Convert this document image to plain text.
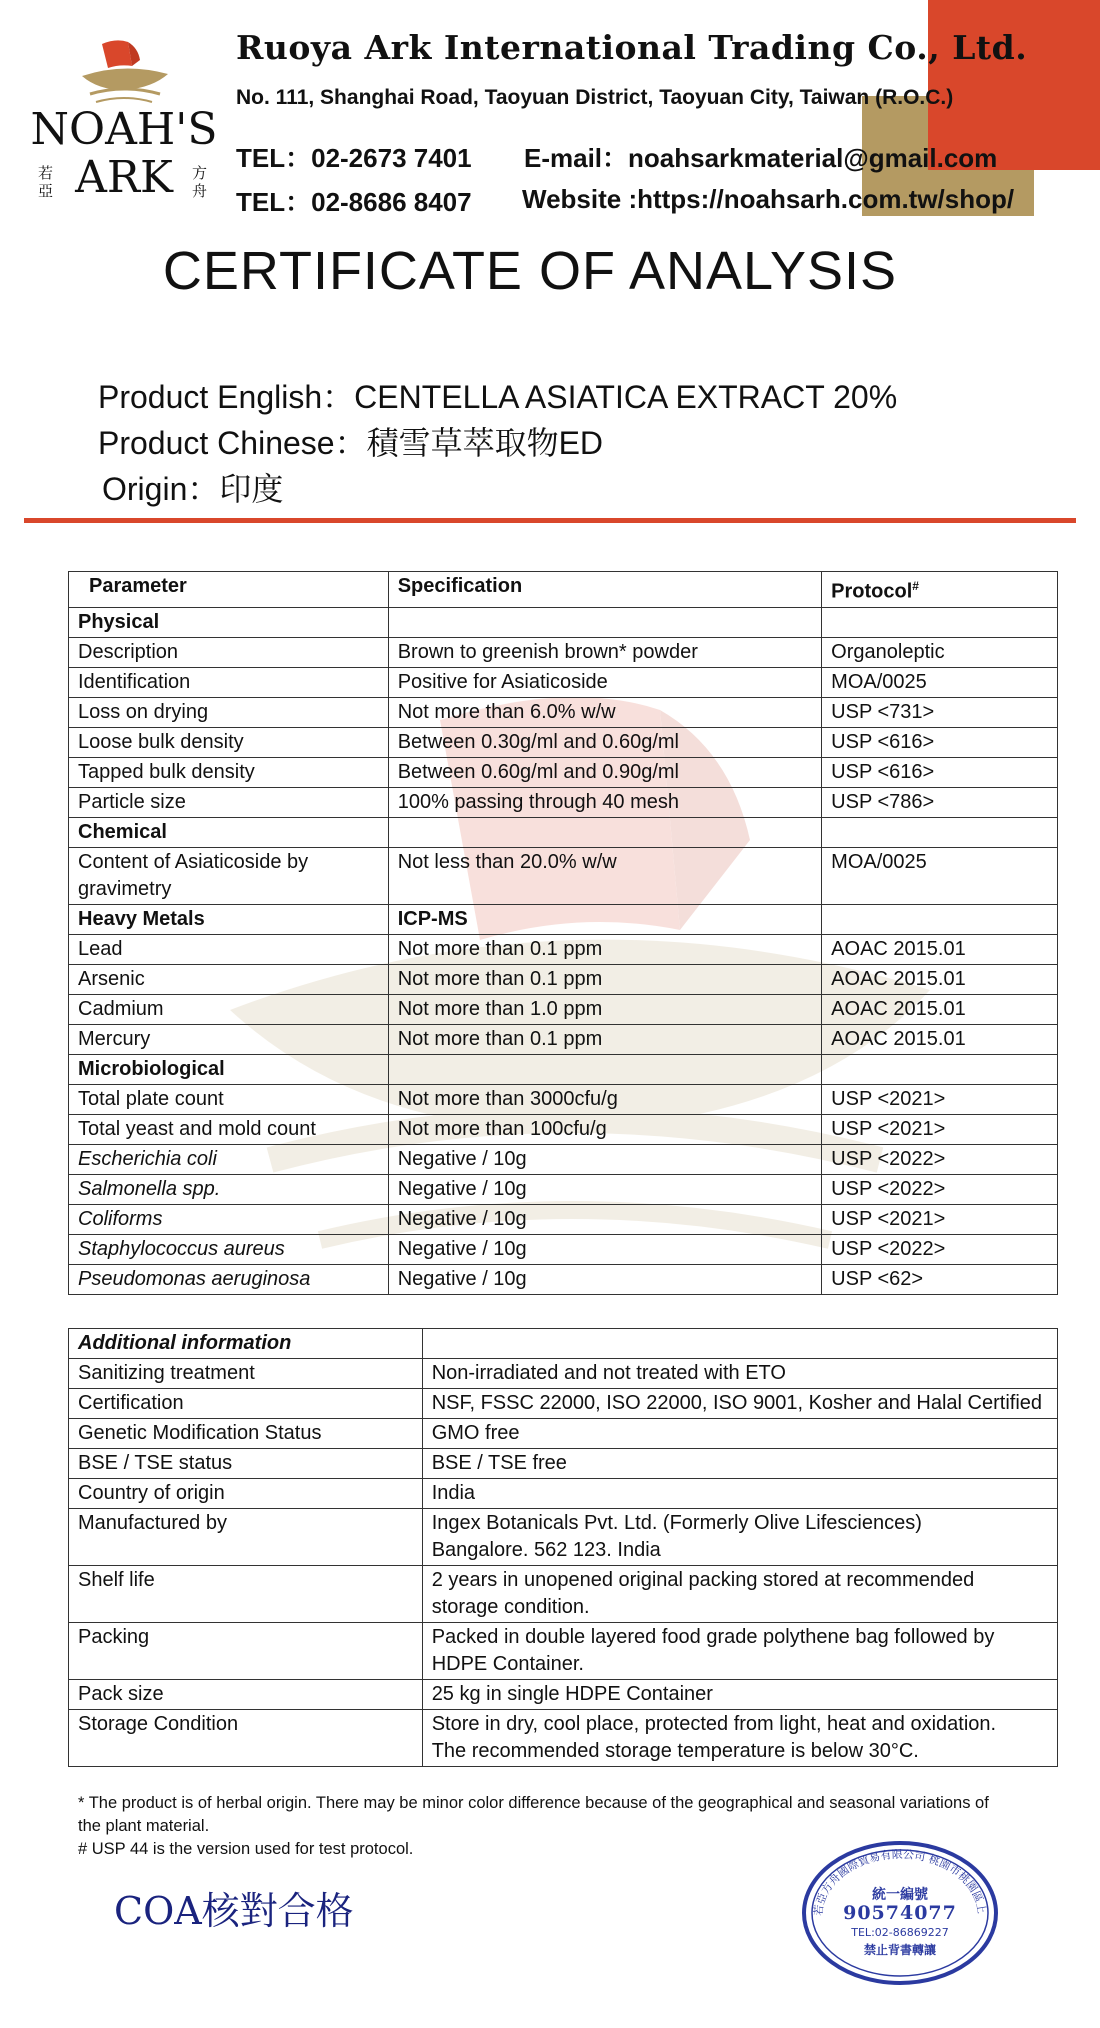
NOAH'S ARK
若亞
方舟
Ruoya Ark International Trading Co., Ltd.
No. 111, Shanghai Road, Taoyuan District, Taoyuan City, Taiwan (R.O.C.)
TEL：02-2673 7401
TEL：02-8686 8407
E-mail：noahsarkmaterial@gmail.com
Website :https://noahsarh.com.tw/shop/
CERTIFICATE OF ANALYSIS
Product English：CENTELLA ASIATICA EXTRACT 20%
Product Chinese：積雪草萃取物ED
Origin：印度
Parameter	Specification	Protocol#
Physical		
Description	Brown to greenish brown* powder	Organoleptic
Identification	Positive for Asiaticoside	MOA/0025
Loss on drying	Not more than 6.0% w/w	USP <731>
Loose bulk density	Between 0.30g/ml and 0.60g/ml	USP <616>
Tapped bulk density	Between 0.60g/ml and 0.90g/ml	USP <616>
Particle size	100% passing through 40 mesh	USP <786>
Chemical		
Content of Asiaticoside by gravimetry	Not less than 20.0% w/w	MOA/0025
Heavy Metals	ICP-MS	
Lead	Not more than 0.1 ppm	AOAC 2015.01
Arsenic	Not more than 0.1 ppm	AOAC 2015.01
Cadmium	Not more than 1.0 ppm	AOAC 2015.01
Mercury	Not more than 0.1 ppm	AOAC 2015.01
Microbiological		
Total plate count	Not more than 3000cfu/g	USP <2021>
Total yeast and mold count	Not more than 100cfu/g	USP <2021>
Escherichia coli	Negative / 10g	USP <2022>
Salmonella spp.	Negative / 10g	USP <2022>
Coliforms	Negative / 10g	USP <2021>
Staphylococcus aureus	Negative / 10g	USP <2022>
Pseudomonas aeruginosa	Negative / 10g	USP <62>
Additional information	
Sanitizing treatment	Non-irradiated and not treated with ETO
Certification	NSF, FSSC 22000, ISO 22000, ISO 9001, Kosher and Halal Certified
Genetic Modification Status	GMO free
BSE / TSE status	BSE / TSE free
Country of origin	India
Manufactured by	Ingex Botanicals Pvt. Ltd. (Formerly Olive Lifesciences)
Bangalore. 562 123. India
Shelf life	2 years in unopened original packing stored at recommended
storage condition.
Packing	Packed in double layered food grade polythene bag followed by
HDPE Container.
Pack size	25 kg in single HDPE Container
Storage Condition	Store in dry, cool place, protected from light, heat and oxidation.
The recommended storage temperature is below 30°C.
* The product is of herbal origin. There may be minor color difference because of the geographical and seasonal variations of
the plant material.
# USP 44 is the version used for test protocol.
COA核對合格	若亞方舟國際貿易有限公司 桃園市桃園區上
統一編號
90574077
TEL:02-86869227
禁止背書轉讓
